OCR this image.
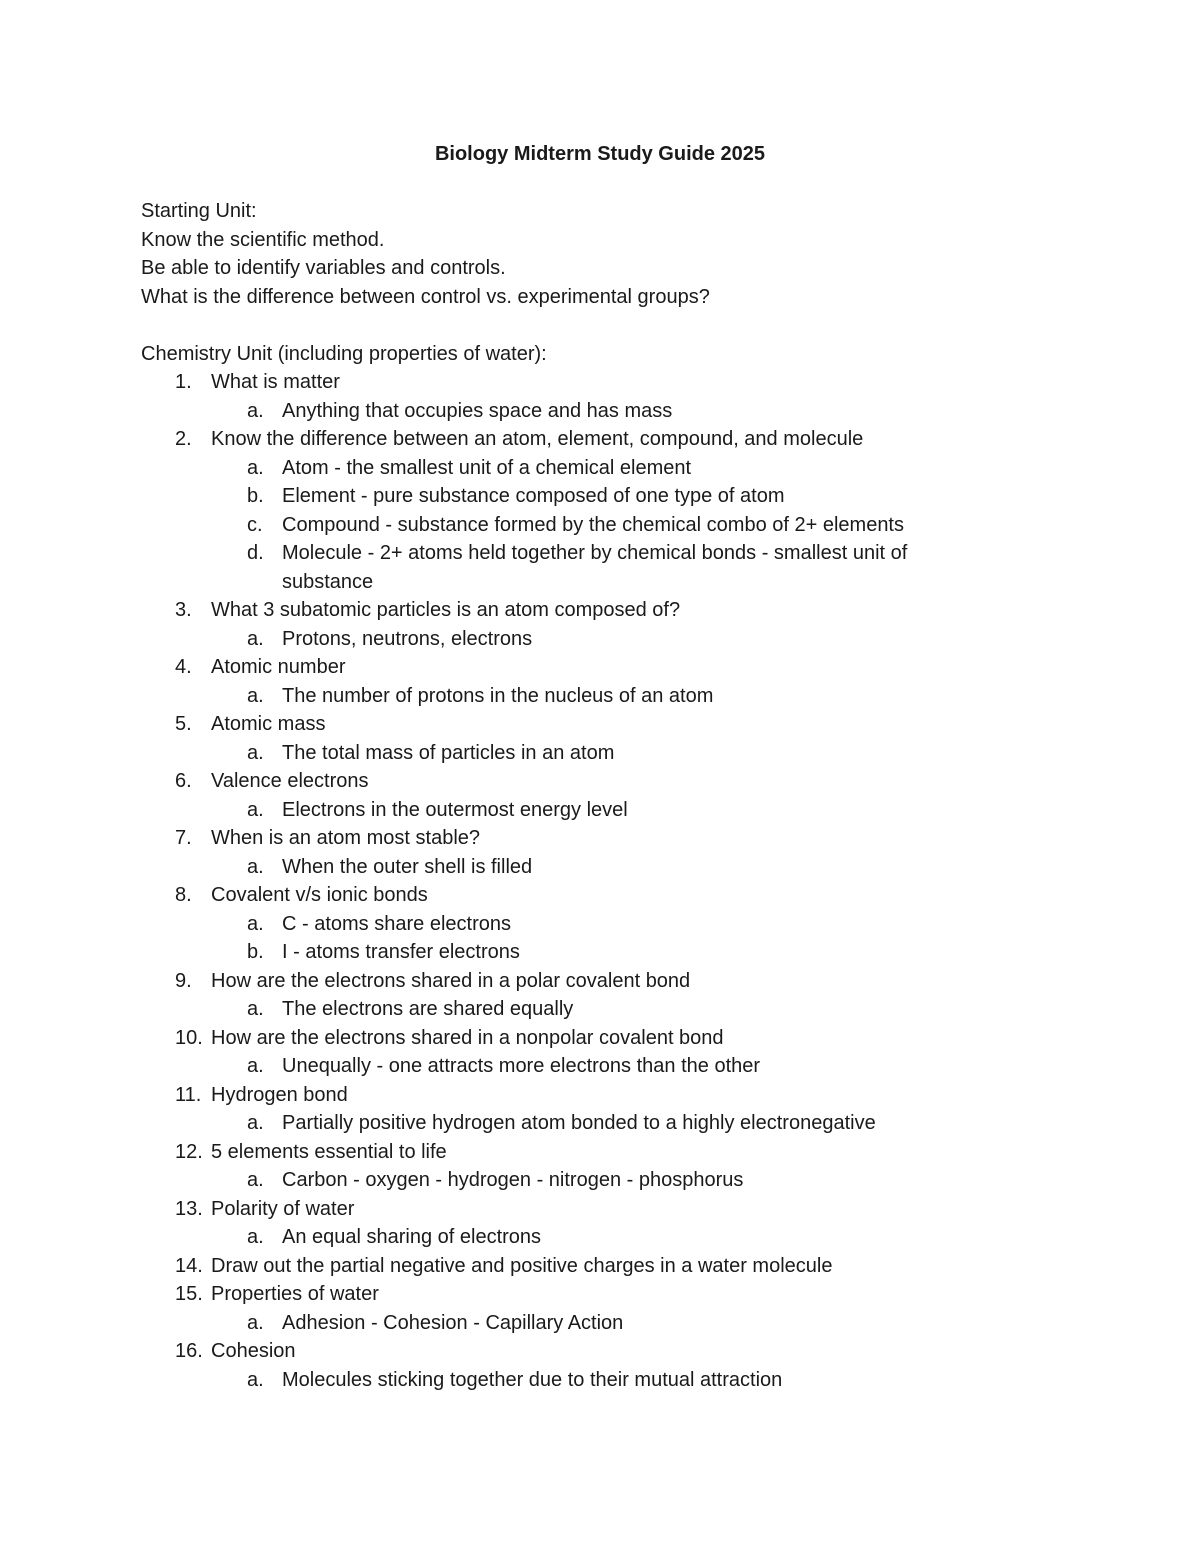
Biology Midterm Study Guide 2025
Starting Unit:
Know the scientific method.
Be able to identify variables and controls.
What is the difference between control vs. experimental groups?
Chemistry Unit (including properties of water):
1. What is matter
a. Anything that occupies space and has mass
2. Know the difference between an atom, element, compound, and molecule
a. Atom - the smallest unit of a chemical element
b. Element - pure substance composed of one type of atom
c. Compound - substance formed by the chemical combo of 2+ elements
d. Molecule - 2+ atoms held together by chemical bonds - smallest unit of substance
3. What 3 subatomic particles is an atom composed of?
a. Protons, neutrons, electrons
4. Atomic number
a. The number of protons in the nucleus of an atom
5. Atomic mass
a. The total mass of particles in an atom
6. Valence electrons
a. Electrons in the outermost energy level
7. When is an atom most stable?
a. When the outer shell is filled
8. Covalent v/s ionic bonds
a. C - atoms share electrons
b. I - atoms transfer electrons
9. How are the electrons shared in a polar covalent bond
a. The electrons are shared equally
10. How are the electrons shared in a nonpolar covalent bond
a. Unequally - one attracts more electrons than the other
11. Hydrogen bond
a. Partially positive hydrogen atom bonded to a highly electronegative
12. 5 elements essential to life
a. Carbon - oxygen - hydrogen - nitrogen - phosphorus
13. Polarity of water
a. An equal sharing of electrons
14. Draw out the partial negative and positive charges in a water molecule
15. Properties of water
a. Adhesion - Cohesion - Capillary Action
16. Cohesion
a. Molecules sticking together due to their mutual attraction
